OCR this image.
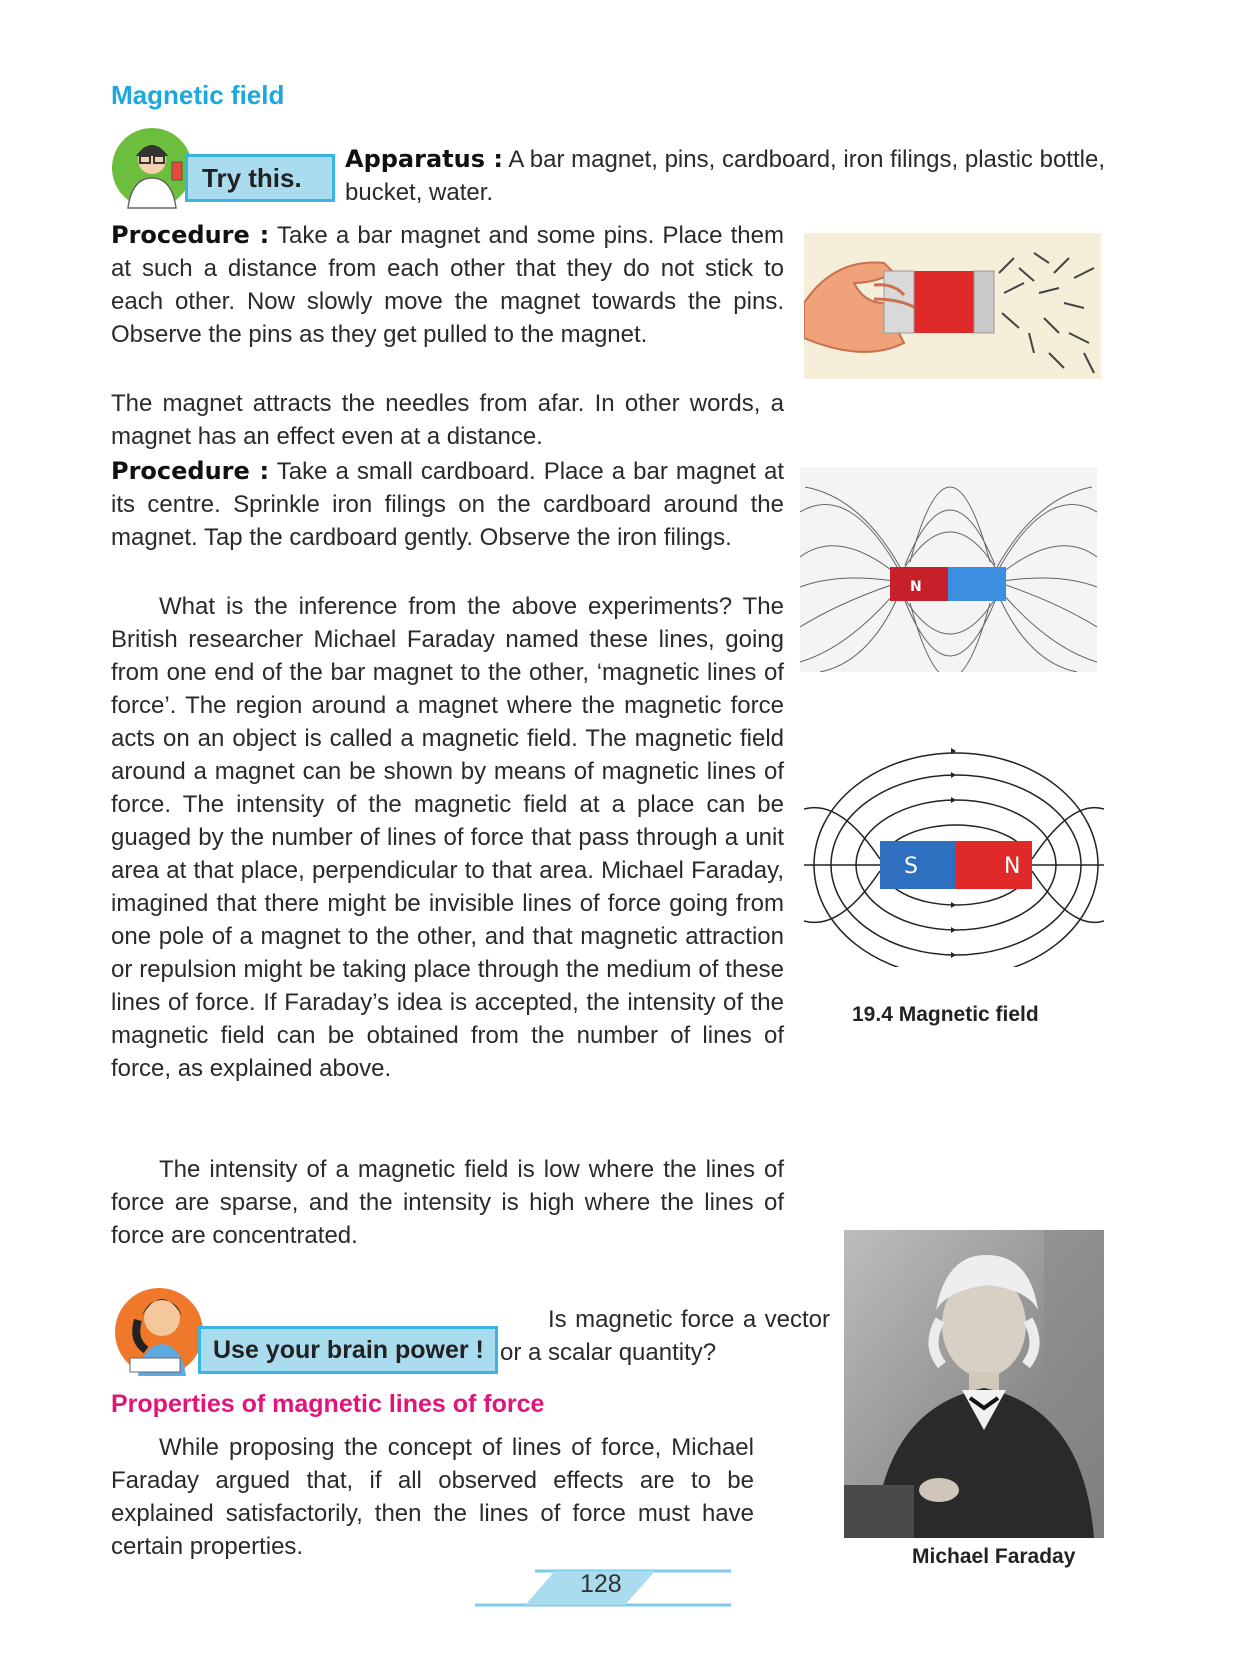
Magnetic field
Try this.
Apparatus : A bar magnet, pins, cardboard, iron filings, plastic bottle, bucket, water.
Procedure : Take a bar magnet and some pins. Place them at such a distance from each other that they do not stick to each other. Now slowly move the magnet towards the pins. Observe the pins as they get pulled to the magnet.
The magnet attracts the needles from afar. In other words, a magnet has an effect even at a distance.
Procedure : Take a small cardboard. Place a bar magnet at its centre. Sprinkle iron filings on the cardboard around the magnet. Tap the cardboard gently. Observe the iron filings.
What is the inference from the above experiments? The British researcher Michael Faraday named these lines, going from one end of the bar magnet to the other, ‘magnetic lines of force’. The region around a magnet where the magnetic force acts on an object is called a magnetic field. The magnetic field around a magnet can be shown by means of magnetic lines of force. The intensity of the magnetic field at a place can be guaged by the number of lines of force that pass through a unit area at that place, perpendicular to that area. Michael Faraday, imagined that there might be invisible lines of force going from one pole of a magnet to the other, and that magnetic attraction or repulsion might be taking place through the medium of these lines of force. If Faraday’s idea is accepted, the intensity of the magnetic field can be obtained from the number of lines of force, as explained above.
The intensity of a magnetic field is low where the lines of force are sparse, and the intensity is high where the lines of force are concentrated.
N
S	N
19.4 Magnetic field
Michael Faraday
Use your brain power !
Is magnetic force a vector or a scalar quantity?
Properties of magnetic lines of force
While proposing the concept of lines of force, Michael Faraday argued that, if all observed effects are to be explained satisfactorily, then the lines of force must have certain properties.
128
